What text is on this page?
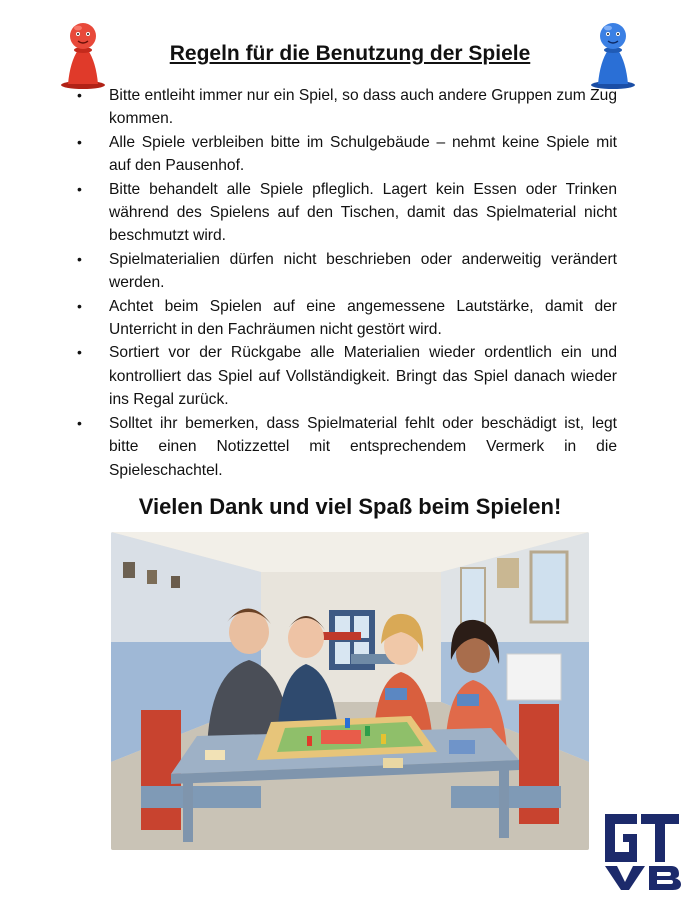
Regeln für die Benutzung der Spiele
• Bitte entleiht immer nur ein Spiel, so dass auch andere Gruppen zum Zug kommen.
• Alle Spiele verbleiben bitte im Schulgebäude – nehmt keine Spiele mit auf den Pausenhof.
• Bitte behandelt alle Spiele pfleglich. Lagert kein Essen oder Trinken während des Spielens auf den Tischen, damit das Spielmaterial nicht beschmutzt wird.
• Spielmaterialien dürfen nicht beschrieben oder anderweitig verändert werden.
• Achtet beim Spielen auf eine angemessene Lautstärke, damit der Unterricht in den Fachräumen nicht gestört wird.
• Sortiert vor der Rückgabe alle Materialien wieder ordentlich ein und kontrolliert das Spiel auf Vollständigkeit. Bringt das Spiel danach wieder ins Regal zurück.
• Solltet ihr bemerken, dass Spielmaterial fehlt oder beschädigt ist, legt bitte einen Notizzettel mit entsprechendem Vermerk in die Spieleschachtel.
Vielen Dank und viel Spaß beim Spielen!
